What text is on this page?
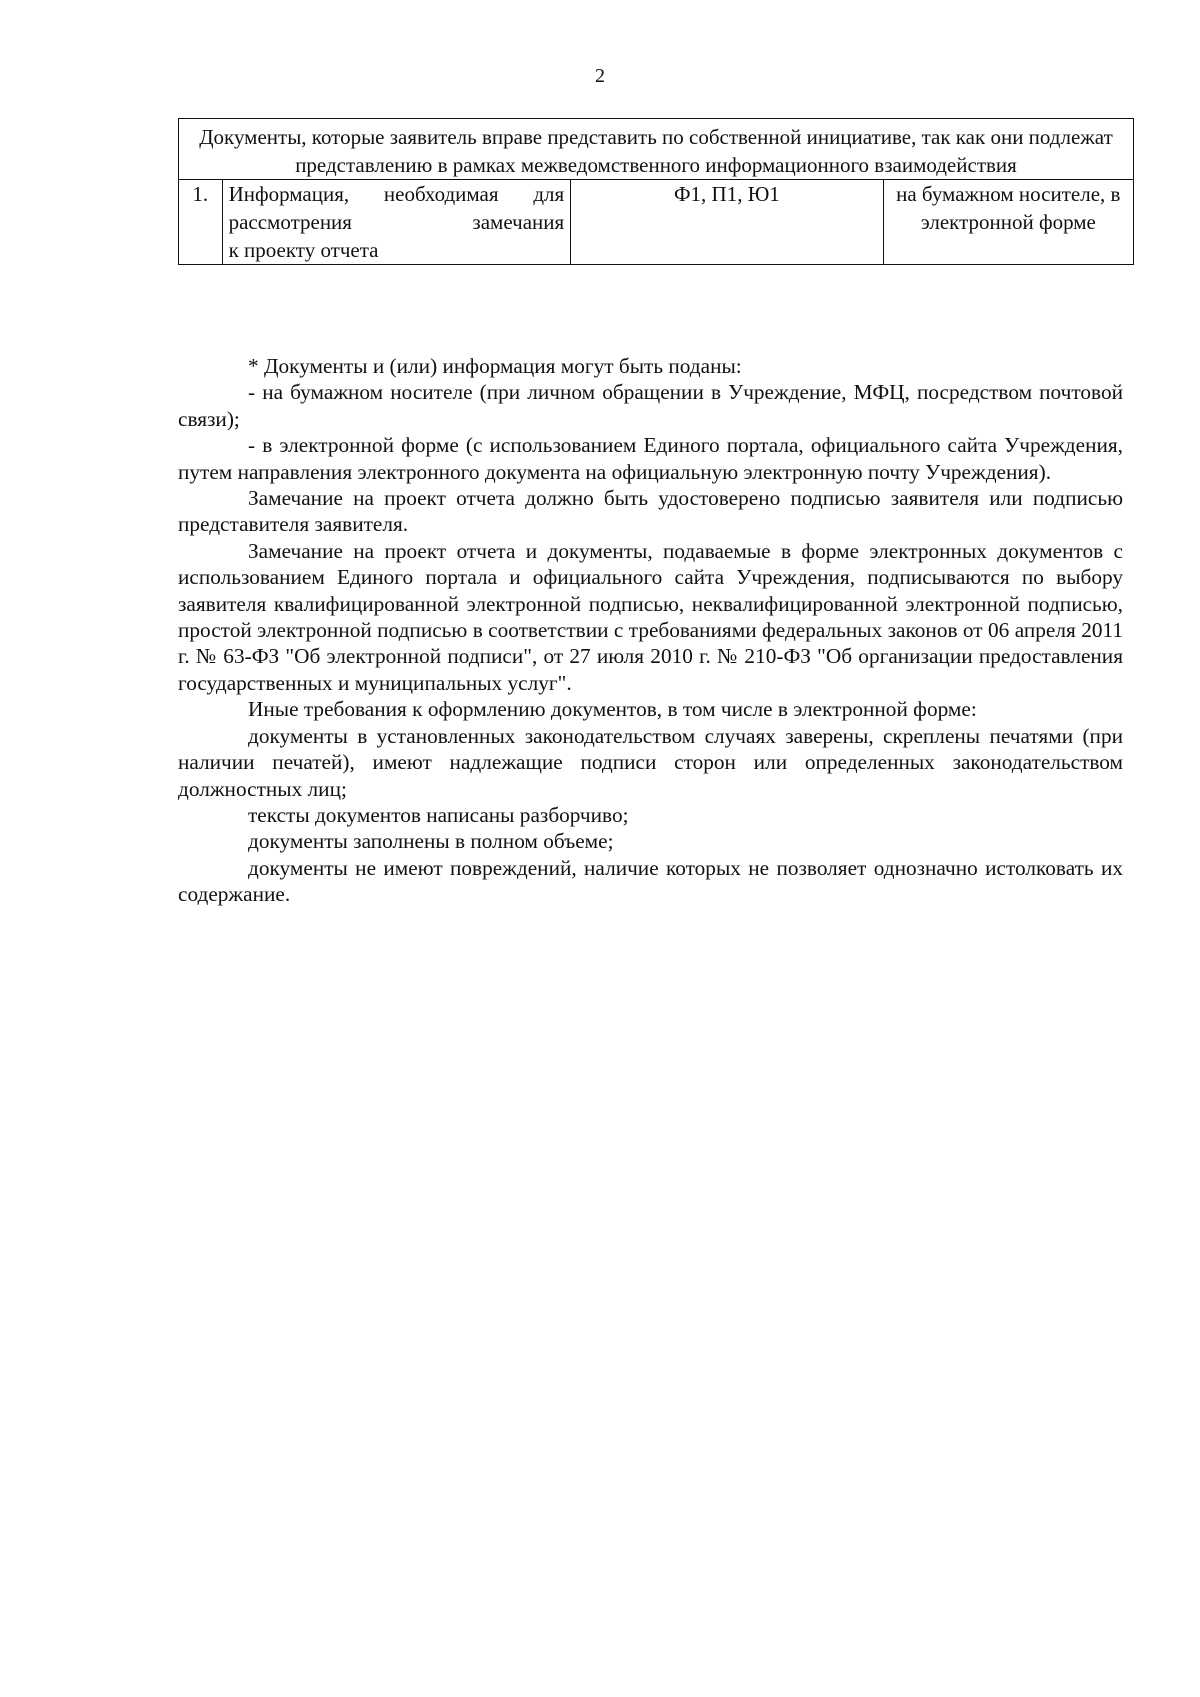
2
Документы, которые заявитель вправе представить по собственной инициативе, так как они подлежат представлению в рамках межведомственного информационного взаимодействия
1.	Информация, необходимая для
рассмотрения замечания
к проекту отчета	Ф1, П1, Ю1	на бумажном носителе, в электронной форме

* Документы и (или) информация могут быть поданы:

- на бумажном носителе (при личном обращении в Учреждение, МФЦ, посредством почтовой связи);

- в электронной форме (с использованием Единого портала, официального сайта Учреждения, путем направления электронного документа на официальную электронную почту Учреждения).

Замечание на проект отчета должно быть удостоверено подписью заявителя или подписью представителя заявителя.

Замечание на проект отчета и документы, подаваемые в форме электронных документов с использованием Единого портала и официального сайта Учреждения, подписываются по выбору заявителя квалифицированной электронной подписью, неквалифицированной электронной подписью, простой электронной подписью в соответствии с требованиями федеральных законов от 06 апреля 2011 г. № 63-ФЗ "Об электронной подписи", от 27 июля 2010 г. № 210-ФЗ "Об организации предоставления государственных и муниципальных услуг".

Иные требования к оформлению документов, в том числе в электронной форме:

документы в установленных законодательством случаях заверены, скреплены печатями (при наличии печатей), имеют надлежащие подписи сторон или определенных законодательством должностных лиц;

тексты документов написаны разборчиво;

документы заполнены в полном объеме;

документы не имеют повреждений, наличие которых не позволяет однозначно истолковать их содержание.
